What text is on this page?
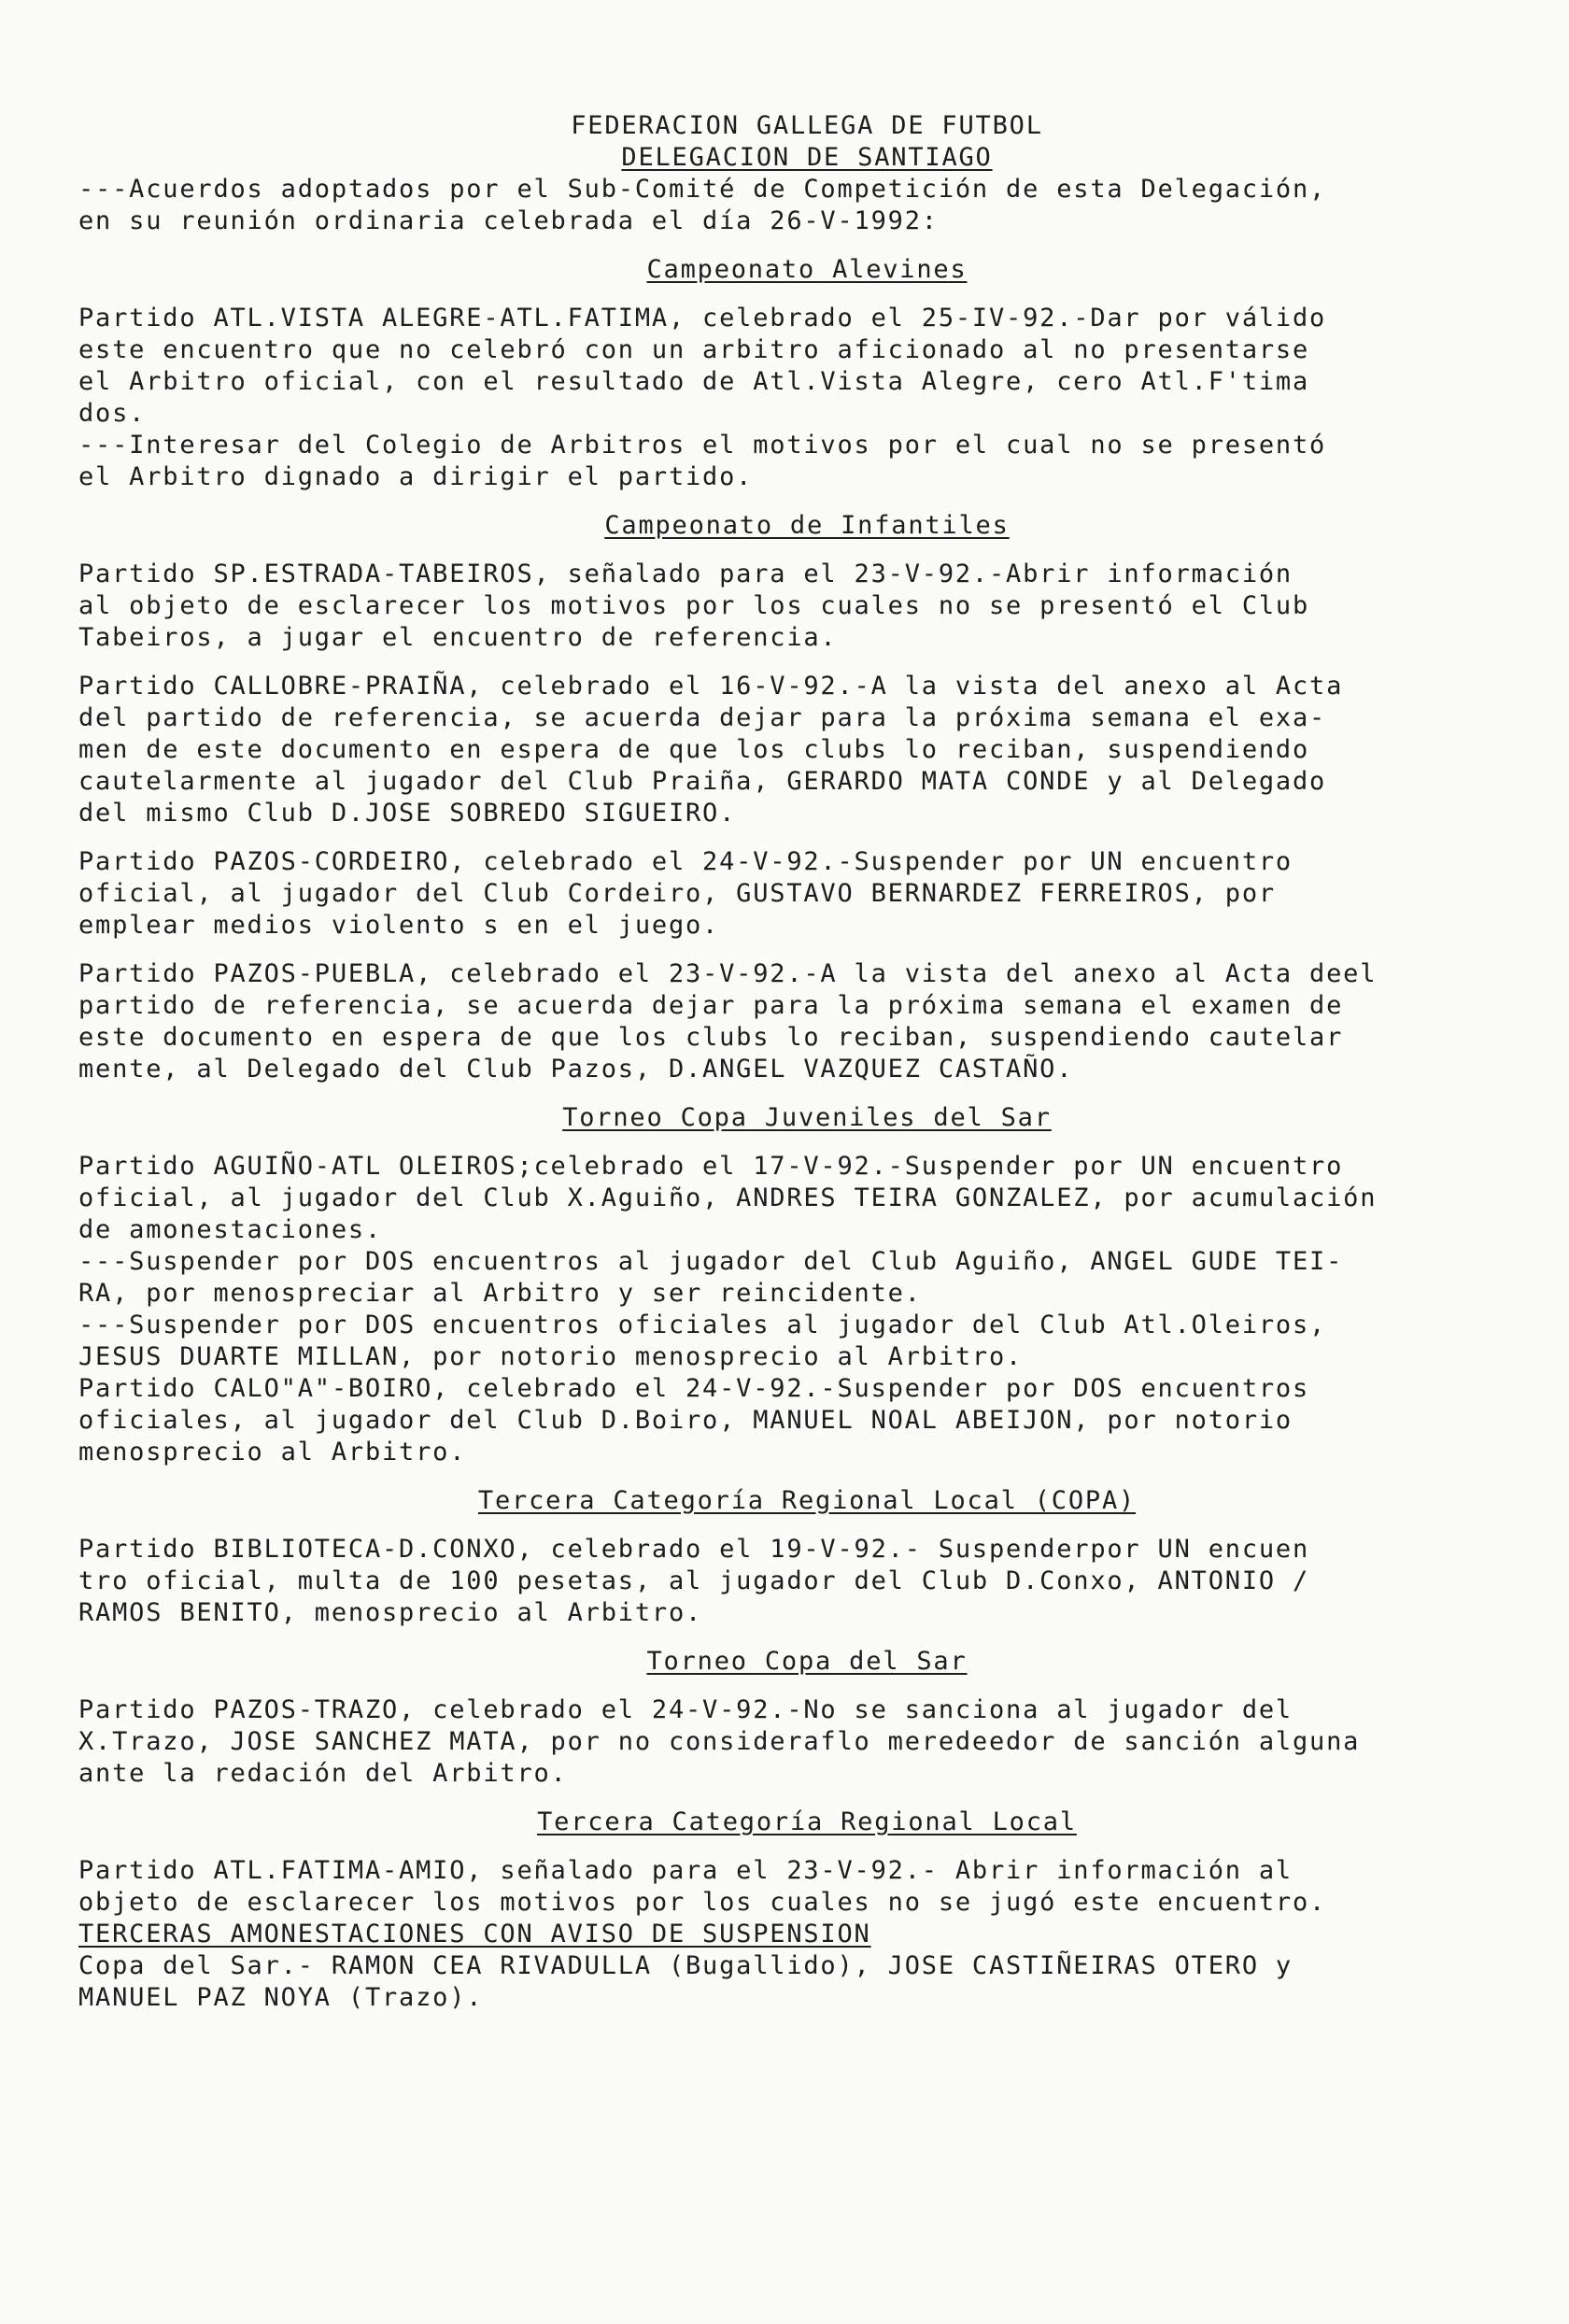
FEDERACION GALLEGA DE FUTBOL

DELEGACION DE SANTIAGO

---Acuerdos adoptados por el Sub-Comité de Competición de esta Delegación,

en su reunión ordinaria celebrada el día 26-V-1992:

Campeonato Alevines

Partido ATL.VISTA ALEGRE-ATL.FATIMA, celebrado el 25-IV-92.-Dar por válido

este encuentro que no celebró con un arbitro aficionado al no presentarse

el Arbitro oficial, con el resultado de Atl.Vista Alegre, cero Atl.F'tima

dos.

---Interesar del Colegio de Arbitros el motivos por el cual no se presentó

el Arbitro dignado a dirigir el partido.

Campeonato de Infantiles

Partido SP.ESTRADA-TABEIROS, señalado para el 23-V-92.-Abrir información

al objeto de esclarecer los motivos por los cuales no se presentó el Club

Tabeiros, a jugar el encuentro de referencia.

Partido CALLOBRE-PRAIÑA, celebrado el 16-V-92.-A la vista del anexo al Acta

del partido de referencia, se acuerda dejar para la próxima semana el exa-

men de este documento en espera de que los clubs lo reciban, suspendiendo

cautelarmente al jugador del Club Praiña, GERARDO MATA CONDE y al Delegado

del mismo Club D.JOSE SOBREDO SIGUEIRO.

Partido PAZOS-CORDEIRO, celebrado el 24-V-92.-Suspender por UN encuentro

oficial, al jugador del Club Cordeiro, GUSTAVO BERNARDEZ FERREIROS, por

emplear medios violento s en el juego.

Partido PAZOS-PUEBLA, celebrado el 23-V-92.-A la vista del anexo al Acta deel

partido de referencia, se acuerda dejar para la próxima semana el examen de

este documento en espera de que los clubs lo reciban, suspendiendo cautelar

mente, al Delegado del Club Pazos, D.ANGEL VAZQUEZ CASTAÑO.

Torneo Copa Juveniles del Sar

Partido AGUIÑO-ATL OLEIROS;celebrado el 17-V-92.-Suspender por UN encuentro

oficial, al jugador del Club X.Aguiño, ANDRES TEIRA GONZALEZ, por acumulación

de amonestaciones.

---Suspender por DOS encuentros al jugador del Club Aguiño, ANGEL GUDE TEI-

RA, por menospreciar al Arbitro y ser reincidente.

---Suspender por DOS encuentros oficiales al jugador del Club Atl.Oleiros,

JESUS DUARTE MILLAN, por notorio menosprecio al Arbitro.

Partido CALO"A"-BOIRO, celebrado el 24-V-92.-Suspender por DOS encuentros

oficiales, al jugador del Club D.Boiro, MANUEL NOAL ABEIJON, por notorio

menosprecio al Arbitro.

Tercera Categoría Regional Local (COPA)

Partido BIBLIOTECA-D.CONXO, celebrado el 19-V-92.- Suspenderpor UN encuen

tro oficial, multa de 100 pesetas, al jugador del Club D.Conxo, ANTONIO /

RAMOS BENITO, menosprecio al Arbitro.

Torneo Copa del Sar

Partido PAZOS-TRAZO, celebrado el 24-V-92.-No se sanciona al jugador del

X.Trazo, JOSE SANCHEZ MATA, por no consideraflo meredeedor de sanción alguna

ante la redación del Arbitro.

Tercera Categoría Regional Local

Partido ATL.FATIMA-AMIO, señalado para el 23-V-92.- Abrir información al

objeto de esclarecer los motivos por los cuales no se jugó este encuentro.

TERCERAS AMONESTACIONES CON AVISO DE SUSPENSION

Copa del Sar.- RAMON CEA RIVADULLA (Bugallido), JOSE CASTIÑEIRAS OTERO y

MANUEL PAZ NOYA (Trazo).
